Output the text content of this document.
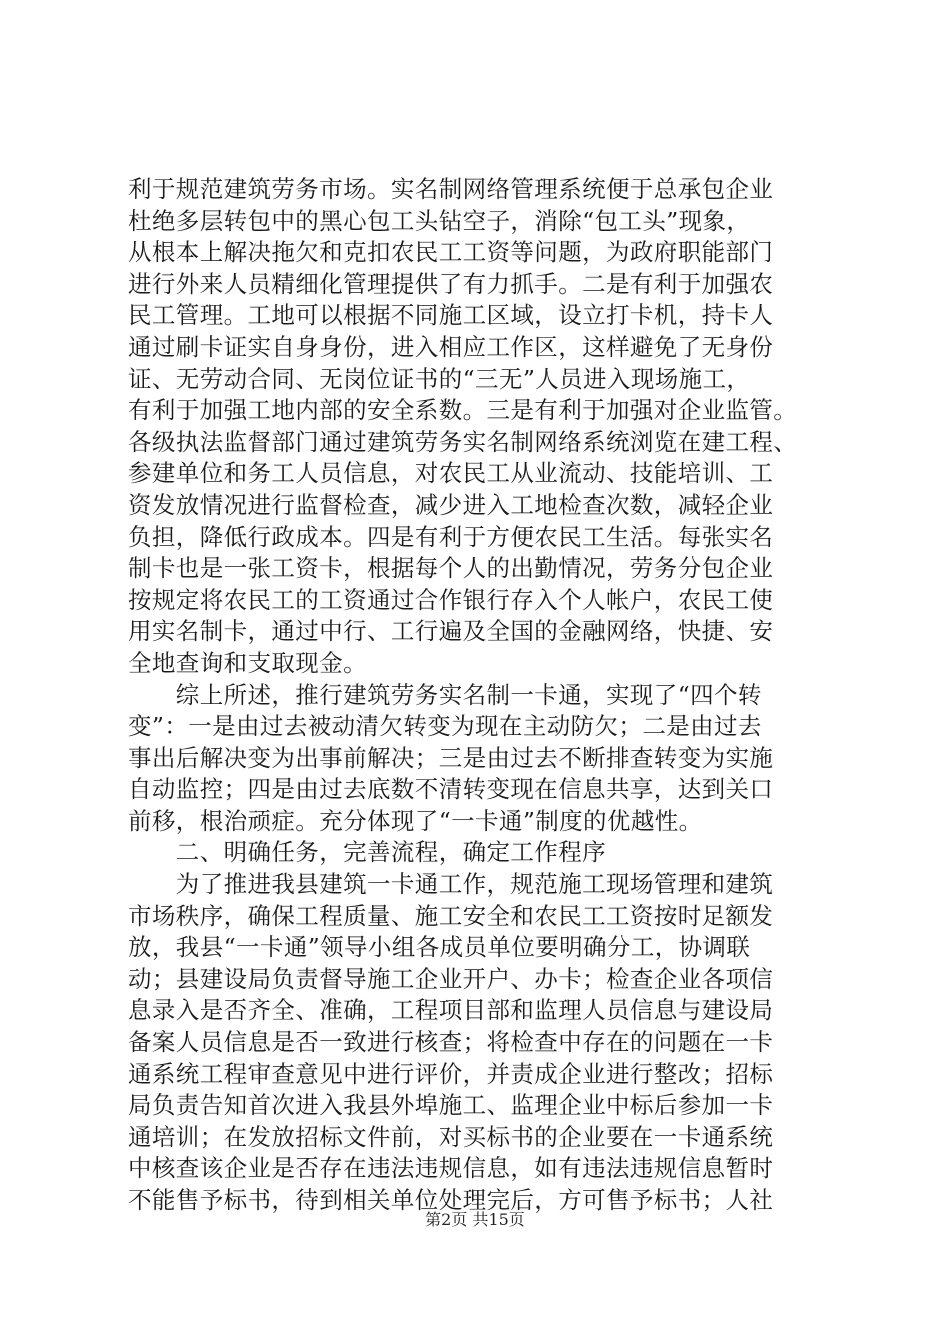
利于规范建筑劳务市场。实名制网络管理系统便于总承包企业
杜绝多层转包中的黑心包工头钻空子，消除“包工头”现象，
从根本上解决拖欠和克扣农民工工资等问题，为政府职能部门
进行外来人员精细化管理提供了有力抓手。二是有利于加强农
民工管理。工地可以根据不同施工区域，设立打卡机，持卡人
通过刷卡证实自身身份，进入相应工作区，这样避免了无身份
证、无劳动合同、无岗位证书的“三无”人员进入现场施工，
有利于加强工地内部的安全系数。三是有利于加强对企业监管。
各级执法监督部门通过建筑劳务实名制网络系统浏览在建工程、
参建单位和务工人员信息，对农民工从业流动、技能培训、工
资发放情况进行监督检查，减少进入工地检查次数，减轻企业
负担，降低行政成本。四是有利于方便农民工生活。每张实名
制卡也是一张工资卡，根据每个人的出勤情况，劳务分包企业
按规定将农民工的工资通过合作银行存入个人帐户，农民工使
用实名制卡，通过中行、工行遍及全国的金融网络，快捷、安
全地查询和支取现金。
　　综上所述，推行建筑劳务实名制一卡通，实现了“四个转
变”：一是由过去被动清欠转变为现在主动防欠；二是由过去
事出后解决变为出事前解决；三是由过去不断排查转变为实施
自动监控；四是由过去底数不清转变现在信息共享，达到关口
前移，根治顽症。充分体现了“一卡通”制度的优越性。
　　二、明确任务，完善流程，确定工作程序
　　为了推进我县建筑一卡通工作，规范施工现场管理和建筑
市场秩序，确保工程质量、施工安全和农民工工资按时足额发
放，我县“一卡通”领导小组各成员单位要明确分工，协调联
动；县建设局负责督导施工企业开户、办卡；检查企业各项信
息录入是否齐全、准确，工程项目部和监理人员信息与建设局
备案人员信息是否一致进行核查；将检查中存在的问题在一卡
通系统工程审查意见中进行评价，并责成企业进行整改；招标
局负责告知首次进入我县外埠施工、监理企业中标后参加一卡
通培训；在发放招标文件前，对买标书的企业要在一卡通系统
中核查该企业是否存在违法违规信息，如有违法违规信息暂时
不能售予标书，待到相关单位处理完后，方可售予标书；人社
第2页 共15页
